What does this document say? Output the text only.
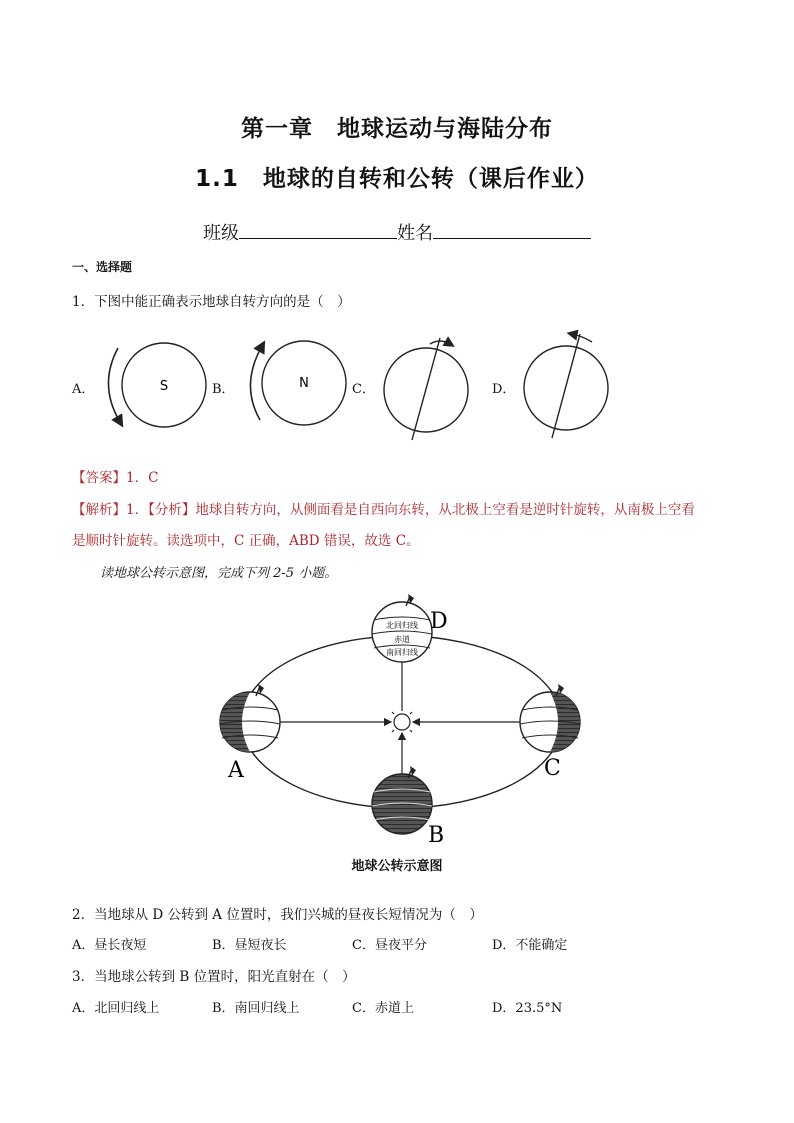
第一章　地球运动与海陆分布
1.1　地球的自转和公转（课后作业）
班级	姓名
一、选择题
1．下图中能正确表示地球自转方向的是（　）
A．	B．	C．	D．
S	N
【答案】1．C
【解析】1．【分析】地球自转方向，从侧面看是自西向东转，从北极上空看是逆时针旋转，从南极上空看
是顺时针旋转。读选项中，C 正确，ABD 错误，故选 C。
读地球公转示意图，完成下列 2-5 小题。
北回归线
赤道
南回归线
D
A	C
B
地球公转示意图
2．当地球从 D 公转到 A 位置时，我们兴城的昼夜长短情况为（　）
A．昼长夜短	B．昼短夜长	C．昼夜平分	D．不能确定
3．当地球公转到 B 位置时，阳光直射在（　）
A．北回归线上	B．南回归线上	C．赤道上	D．23.5°N
